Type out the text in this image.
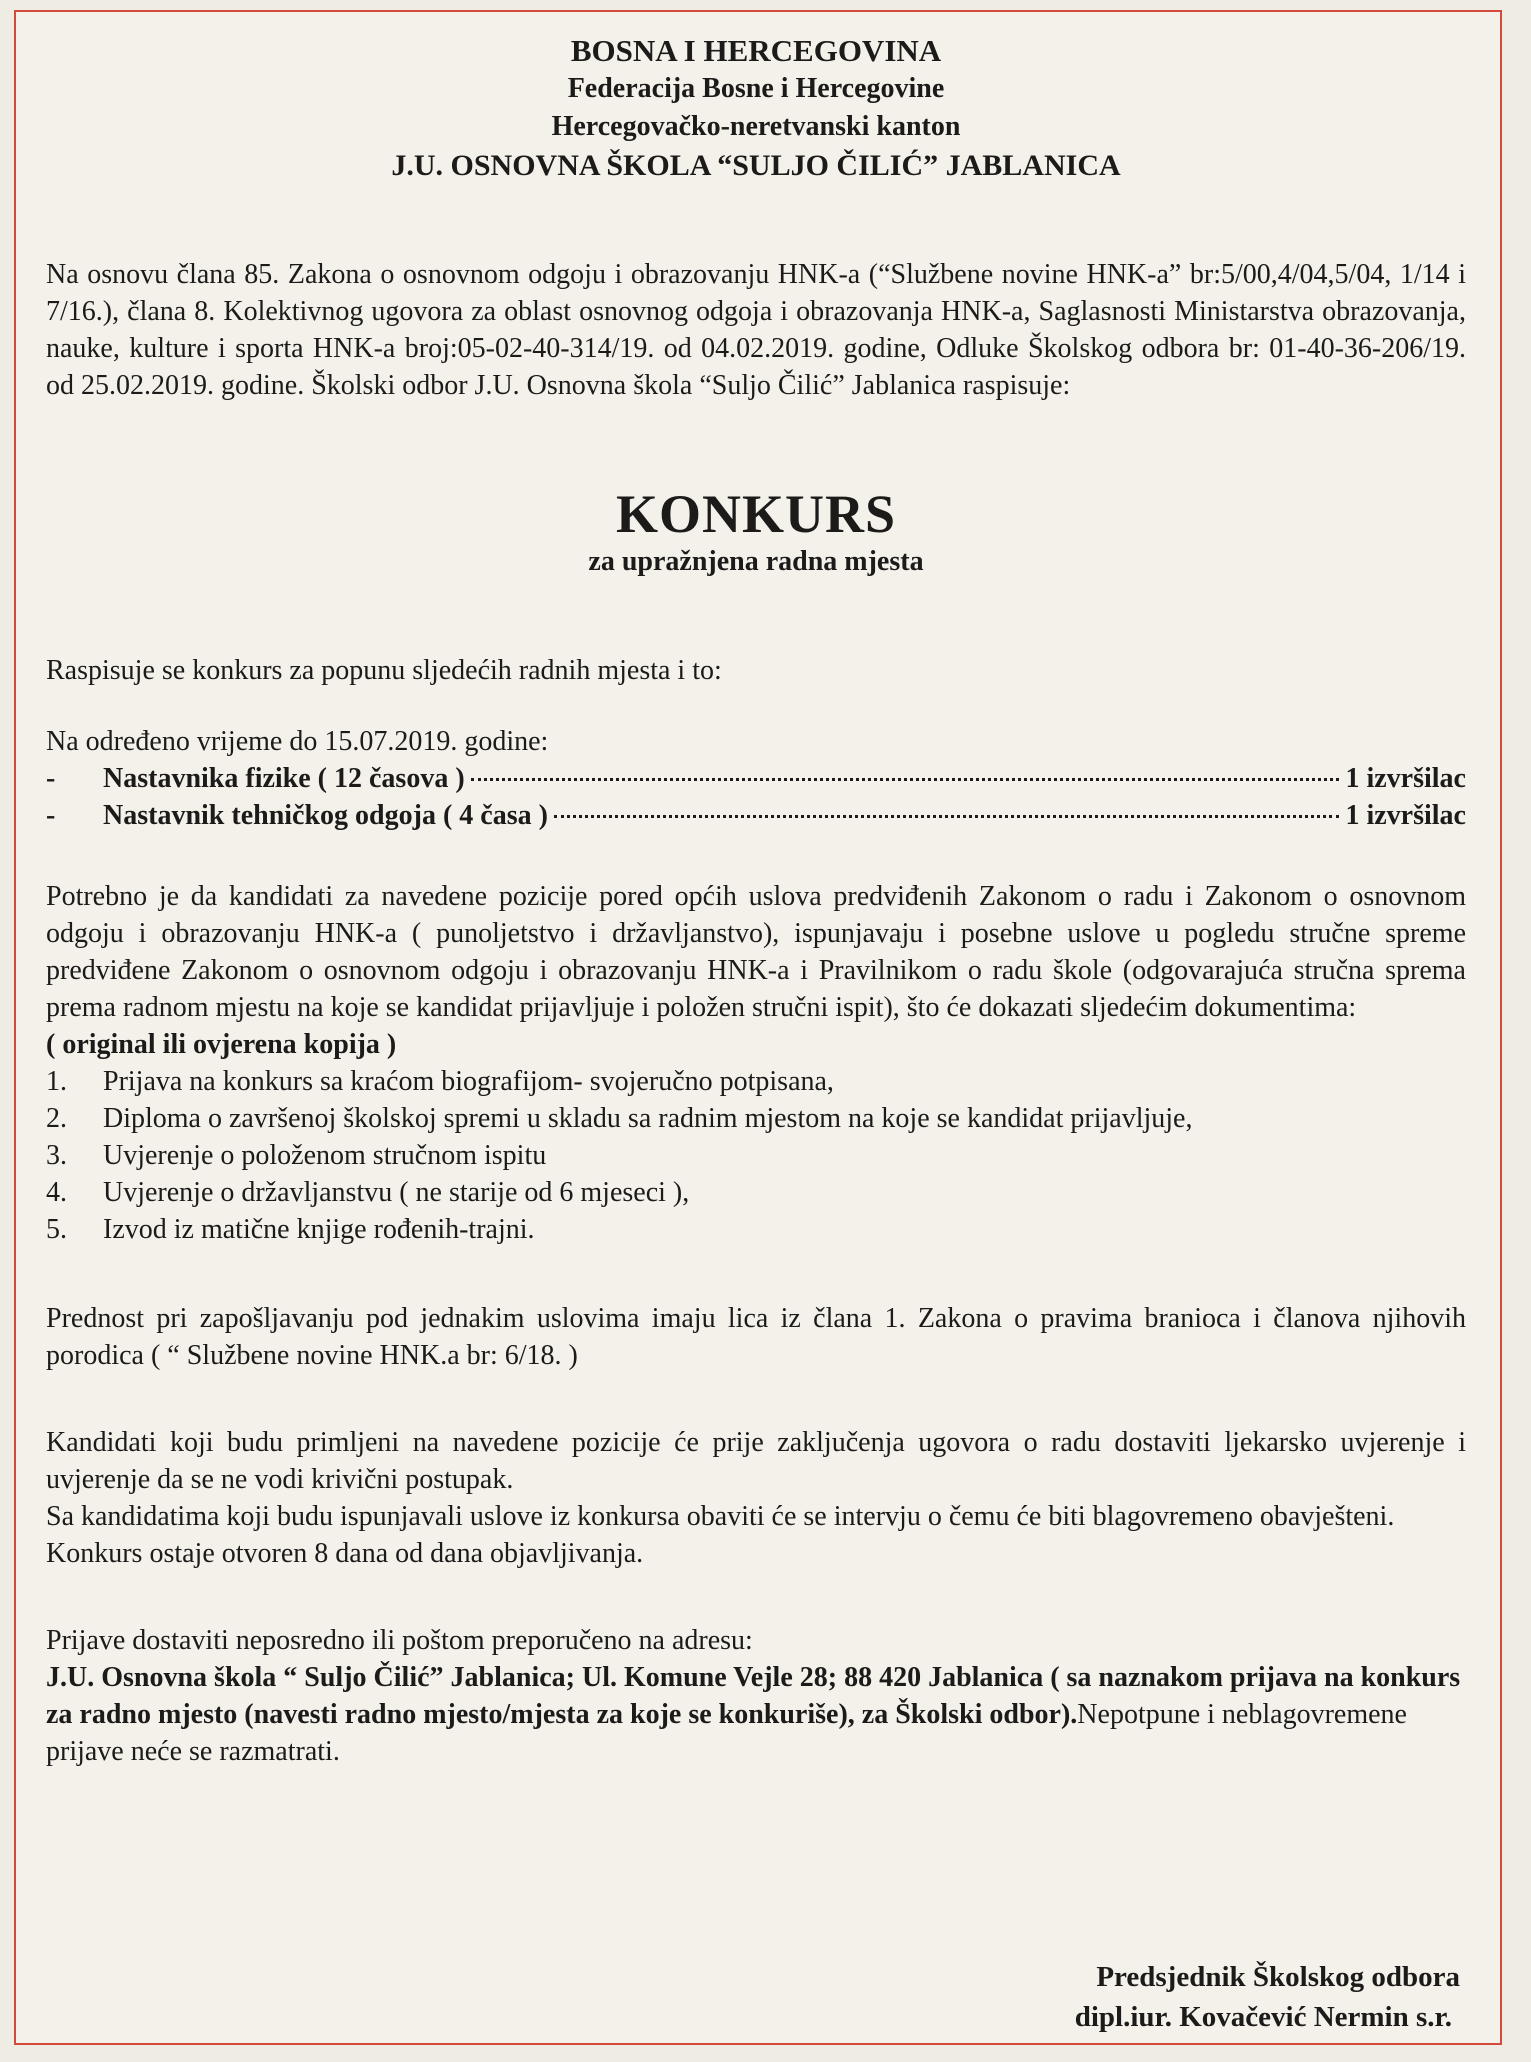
BOSNA I HERCEGOVINA
Federacija Bosne i Hercegovine
Hercegovačko-neretvanski kanton
J.U. OSNOVNA ŠKOLA “SULJO ČILIĆ” JABLANICA

Na osnovu člana 85. Zakona o osnovnom odgoju i obrazovanju HNK-a (“Službene novine HNK-a” br:5/00,4/04,5/04, 1/14 i 7/16.), člana 8. Kolektivnog ugovora za oblast osnovnog odgoja i obrazovanja HNK-a, Saglasnosti Ministarstva obrazovanja, nauke, kulture i sporta HNK-a broj:05-02-40-314/19. od 04.02.2019. godine, Odluke Školskog odbora br: 01-40-36-206/19. od 25.02.2019. godine. Školski odbor J.U. Osnovna škola “Suljo Čilić” Jablanica raspisuje:

KONKURS
za upražnjena radna mjesta

Raspisuje se konkurs za popunu sljedećih radnih mjesta i to:

Na određeno vrijeme do 15.07.2019. godine:

-	Nastavnika fizike ( 12 časova )	1 izvršilac
-	Nastavnik tehničkog odgoja ( 4 časa )	1 izvršilac

Potrebno je da kandidati za navedene pozicije pored općih uslova predviđenih Zakonom o radu i Zakonom o osnovnom odgoju i obrazovanju HNK-a ( punoljetstvo i državljanstvo), ispunjavaju i posebne uslove u pogledu stručne spreme predviđene Zakonom o osnovnom odgoju i obrazovanju HNK-a i Pravilnikom o radu škole (odgovarajuća stručna sprema prema radnom mjestu na koje se kandidat prijavljuje i položen stručni ispit), što će dokazati sljedećim dokumentima:

( original ili ovjerena kopija )

1.	Prijava na konkurs sa kraćom biografijom- svojeručno potpisana,
2.	Diploma o završenoj školskoj spremi u skladu sa radnim mjestom na koje se kandidat prijavljuje,
3.	Uvjerenje o položenom stručnom ispitu
4.	Uvjerenje o državljanstvu ( ne starije od 6 mjeseci ),
5.	Izvod iz matične knjige rođenih-trajni.

Prednost pri zapošljavanju pod jednakim uslovima imaju lica iz člana 1. Zakona o pravima branioca i članova njihovih porodica ( “ Službene novine HNK.a br: 6/18. )

Kandidati koji budu primljeni na navedene pozicije će prije zaključenja ugovora o radu dostaviti ljekarsko uvjerenje i uvjerenje da se ne vodi krivični postupak.

Sa kandidatima koji budu ispunjavali uslove iz konkursa obaviti će se intervju o čemu će biti blagovremeno obavješteni. Konkurs ostaje otvoren 8 dana od dana objavljivanja.

Prijave dostaviti neposredno ili poštom preporučeno na adresu:

J.U. Osnovna škola “ Suljo Čilić” Jablanica; Ul. Komune Vejle 28; 88 420 Jablanica ( sa naznakom prijava na konkurs za radno mjesto (navesti radno mjesto/mjesta za koje se konkuriše), za Školski odbor).Nepotpune i neblagovremene prijave neće se razmatrati.

Predsjednik Školskog odbora
dipl.iur. Kovačević Nermin s.r.
